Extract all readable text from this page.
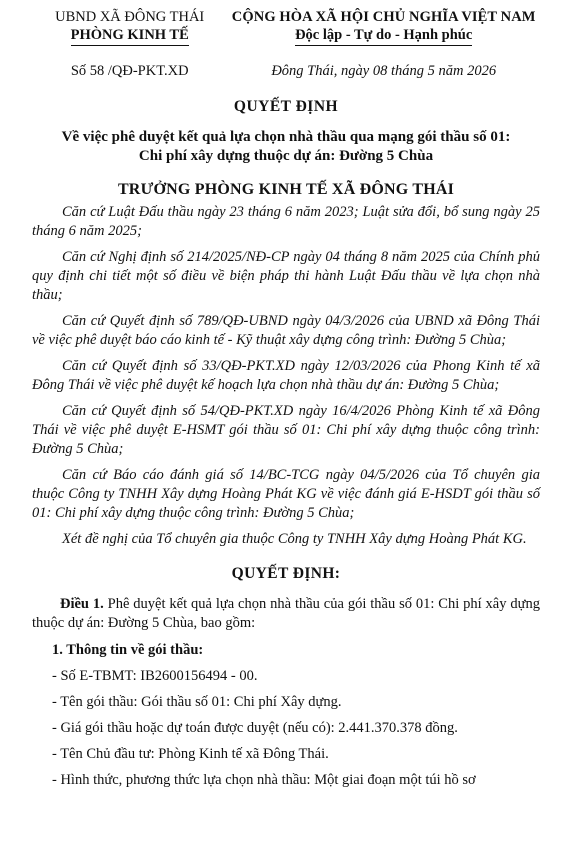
UBND XÃ ĐÔNG THÁI
PHÒNG KINH TẾ
CỘNG HÒA XÃ HỘI CHỦ NGHĨA VIỆT NAM
Độc lập - Tự do - Hạnh phúc
Số 58 /QĐ-PKT.XD	Đông Thái, ngày 08 tháng 5 năm 2026
QUYẾT ĐỊNH
Về việc phê duyệt kết quả lựa chọn nhà thầu qua mạng gói thầu số 01:
Chi phí xây dựng thuộc dự án: Đường 5 Chùa
TRƯỞNG PHÒNG KINH TẾ XÃ ĐÔNG THÁI

Căn cứ Luật Đấu thầu ngày 23 tháng 6 năm 2023; Luật sửa đổi, bổ sung ngày 25 tháng 6 năm 2025;

Căn cứ Nghị định số 214/2025/NĐ-CP ngày 04 tháng 8 năm 2025 của Chính phủ quy định chi tiết một số điều về biện pháp thi hành Luật Đấu thầu về lựa chọn nhà thầu;

Căn cứ Quyết định số 789/QĐ-UBND ngày 04/3/2026 của UBND xã Đông Thái về việc phê duyệt báo cáo kinh tế - Kỹ thuật xây dựng công trình: Đường 5 Chùa;

Căn cứ Quyết định số 33/QĐ-PKT.XD ngày 12/03/2026 của Phong Kinh tế xã Đông Thái về việc phê duyệt kế hoạch lựa chọn nhà thầu dự án: Đường 5 Chùa;

Căn cứ Quyết định số 54/QĐ-PKT.XD ngày 16/4/2026 Phòng Kinh tế xã Đông Thái về việc phê duyệt E-HSMT gói thầu số 01: Chi phí xây dựng thuộc công trình: Đường 5 Chùa;

Căn cứ Báo cáo đánh giá số 14/BC-TCG ngày 04/5/2026 của Tổ chuyên gia thuộc Công ty TNHH Xây dựng Hoàng Phát KG về việc đánh giá E-HSDT gói thầu số 01: Chi phí xây dựng thuộc công trình: Đường 5 Chùa;

Xét đề nghị của Tổ chuyên gia thuộc Công ty TNHH Xây dựng Hoàng Phát KG.

QUYẾT ĐỊNH:

Điều 1. Phê duyệt kết quả lựa chọn nhà thầu của gói thầu số 01: Chi phí xây dựng thuộc dự án: Đường 5 Chùa, bao gồm:

1. Thông tin về gói thầu:
- Số E-TBMT: IB2600156494 - 00.
- Tên gói thầu: Gói thầu số 01: Chi phí Xây dựng.
- Giá gói thầu hoặc dự toán được duyệt (nếu có): 2.441.370.378 đồng.
- Tên Chủ đầu tư: Phòng Kinh tế xã Đông Thái.
- Hình thức, phương thức lựa chọn nhà thầu: Một giai đoạn một túi hồ sơ
